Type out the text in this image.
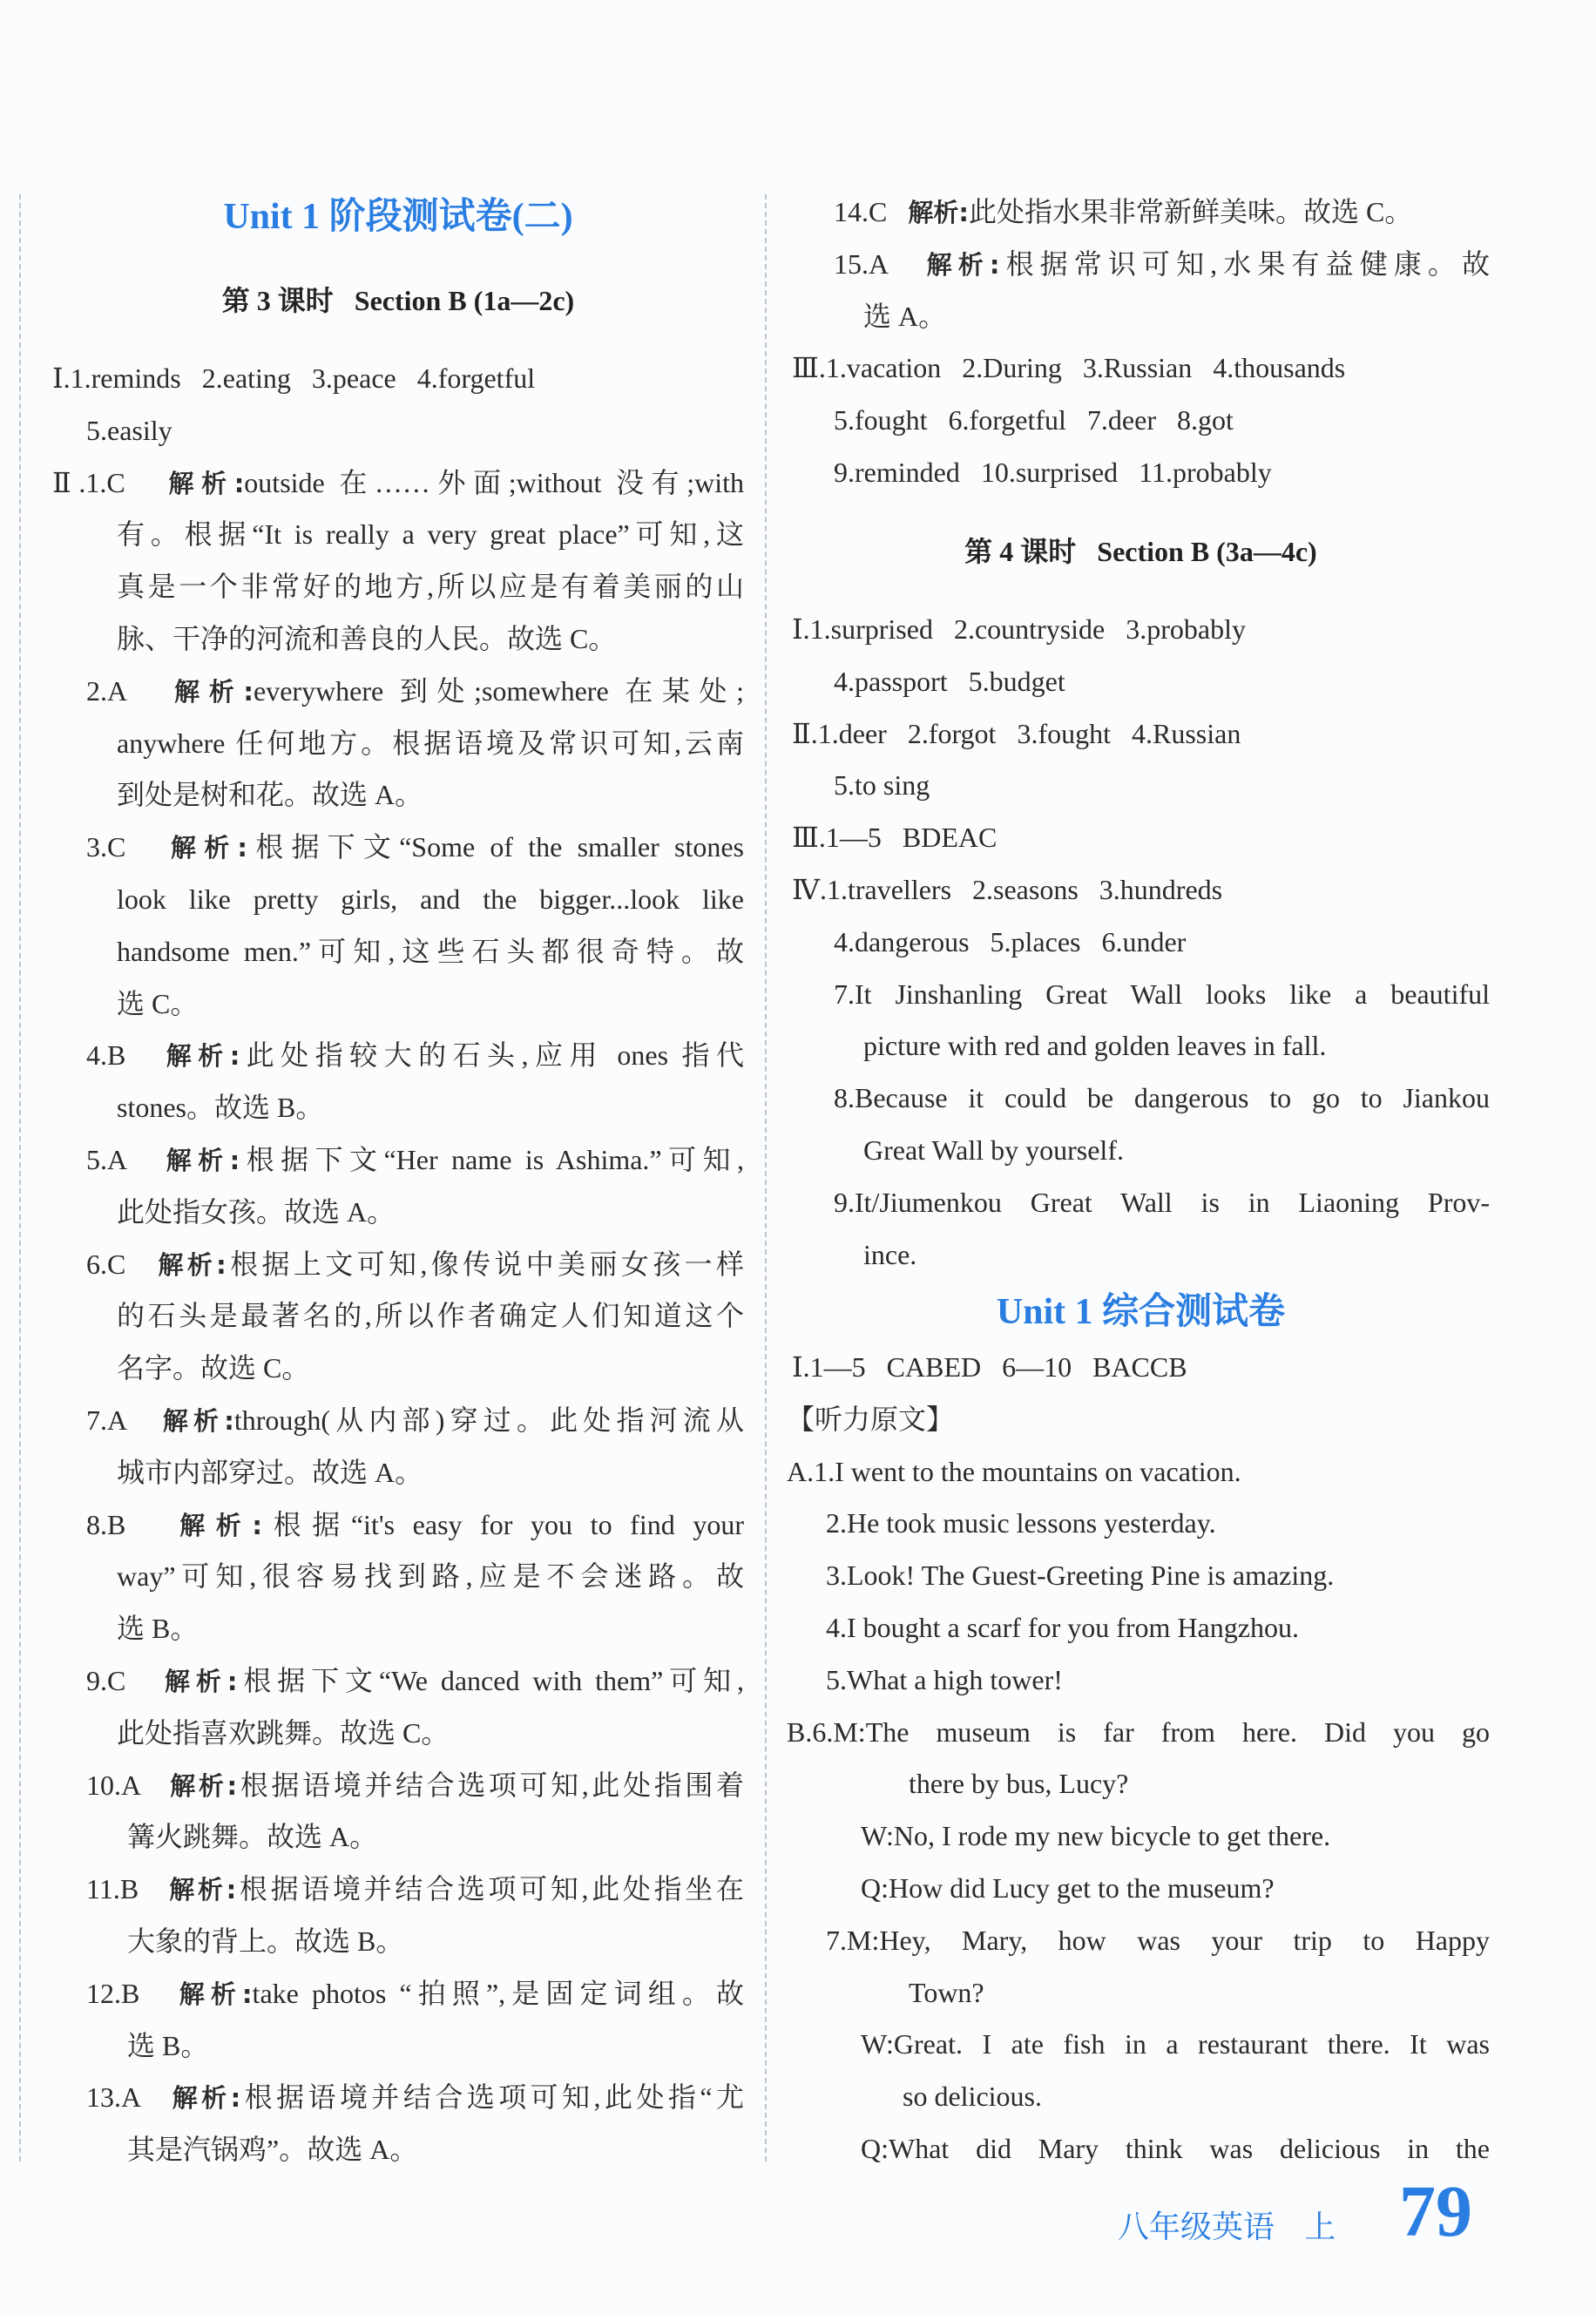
Unit 1 阶段测试卷(二)
第 3 课时   Section B (1a—2c)
第 4 课时   Section B (3a—4c)
Unit 1 综合测试卷
Ⅰ.1.reminds   2.eating   3.peace   4.forgetful
5.easily
Ⅱ.1.C   解析:outside 在……外面;without 没有;with
有。根据“It is really a very great place”可知,这
真是一个非常好的地方,所以应是有着美丽的山
脉、干净的河流和善良的人民。故选 C。
2.A   解析:everywhere 到处;somewhere 在某处;
anywhere 任何地方。根据语境及常识可知,云南
到处是树和花。故选 A。
3.C   解析:根据下文“Some of the smaller stones
look like pretty girls, and the bigger...look like
handsome men.”可知,这些石头都很奇特。故
选 C。
4.B   解析:此处指较大的石头,应用 ones 指代
stones。故选 B。
5.A   解析:根据下文“Her name is Ashima.”可知,
此处指女孩。故选 A。
6.C   解析:根据上文可知,像传说中美丽女孩一样
的石头是最著名的,所以作者确定人们知道这个
名字。故选 C。
7.A   解析:through(从内部)穿过。此处指河流从
城市内部穿过。故选 A。
8.B   解析:根据“it's easy for you to find your
way”可知,很容易找到路,应是不会迷路。故
选 B。
9.C   解析:根据下文“We danced with them”可知,
此处指喜欢跳舞。故选 C。
10.A   解析:根据语境并结合选项可知,此处指围着
篝火跳舞。故选 A。
11.B   解析:根据语境并结合选项可知,此处指坐在
大象的背上。故选 B。
12.B   解析:take photos “拍照”,是固定词组。故
选 B。
13.A   解析:根据语境并结合选项可知,此处指“尤
其是汽锅鸡”。故选 A。
14.C   解析:此处指水果非常新鲜美味。故选 C。
15.A   解析:根据常识可知,水果有益健康。故
选 A。
Ⅲ.1.vacation   2.During   3.Russian   4.thousands
5.fought   6.forgetful   7.deer   8.got
9.reminded   10.surprised   11.probably
Ⅰ.1.surprised   2.countryside   3.probably
4.passport   5.budget
Ⅱ.1.deer   2.forgot   3.fought   4.Russian
5.to sing
Ⅲ.1—5   BDEAC
Ⅳ.1.travellers   2.seasons   3.hundreds
4.dangerous   5.places   6.under
7.It Jinshanling Great Wall looks like a beautiful
picture with red and golden leaves in fall.
8.Because it could be dangerous to go to Jiankou
Great Wall by yourself.
9.It/Jiumenkou Great Wall is in Liaoning Prov-
ince.
Ⅰ.1—5   CABED   6—10   BACCB
【听力原文】
A.1.I went to the mountains on vacation.
2.He took music lessons yesterday.
3.Look! The Guest-Greeting Pine is amazing.
4.I bought a scarf for you from Hangzhou.
5.What a high tower!
B.6.M:The museum is far from here. Did you go
there by bus, Lucy?
W:No, I rode my new bicycle to get there.
Q:How did Lucy get to the museum?
7.M:Hey, Mary, how was your trip to Happy
Town?
W:Great. I ate fish in a restaurant there. It was
so delicious.
Q:What did Mary think was delicious in the
八年级英语   上 79
